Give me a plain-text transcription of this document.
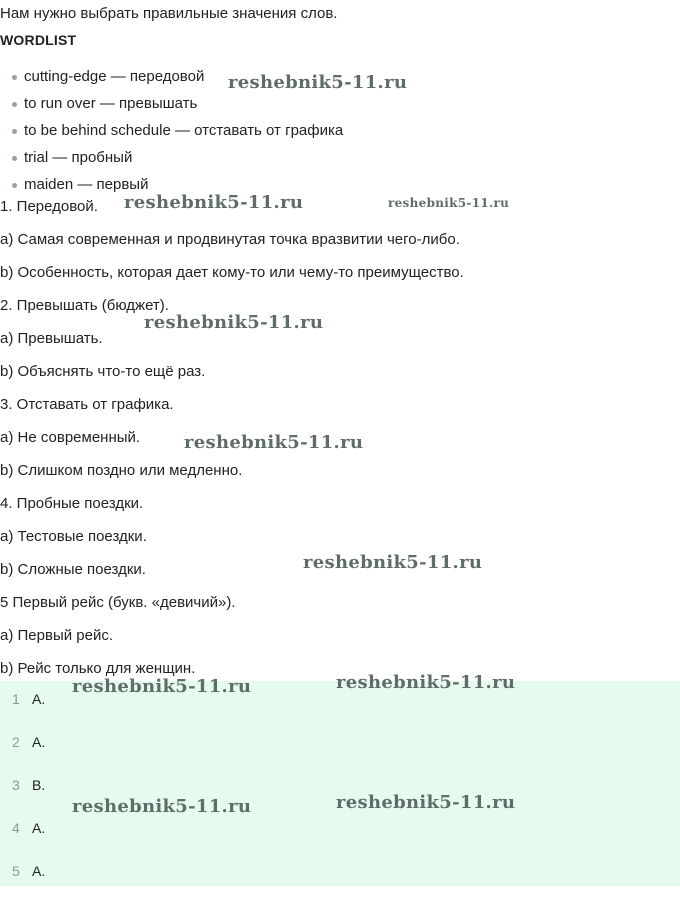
Нам нужно выбрать правильные значения слов.
WORDLIST
cutting-edge — передовой
to run over — превышать
to be behind schedule — отставать от графика
trial — пробный
maiden — первый
1. Передовой.
a) Самая современная и продвинутая точка вразвитии чего-либо.
b) Особенность, которая дает кому-то или чему-то преимущество.
2. Превышать (бюджет).
a) Превышать.
b) Объяснять что-то ещё раз.
3. Отставать от графика.
a) Не современный.
b) Слишком поздно или медленно.
4. Пробные поездки.
a) Тестовые поездки.
b) Сложные поездки.
5 Первый рейс (букв. «девичий»).
a) Первый рейс.
b) Рейс только для женщин.
1 A.
2 A.
3 B.
4 A.
5 A.
reshebnik5-11.ru
reshebnik5-11.ru	reshebnik5-11.ru
reshebnik5-11.ru
reshebnik5-11.ru
reshebnik5-11.ru
reshebnik5-11.ru	reshebnik5-11.ru
reshebnik5-11.ru	reshebnik5-11.ru
